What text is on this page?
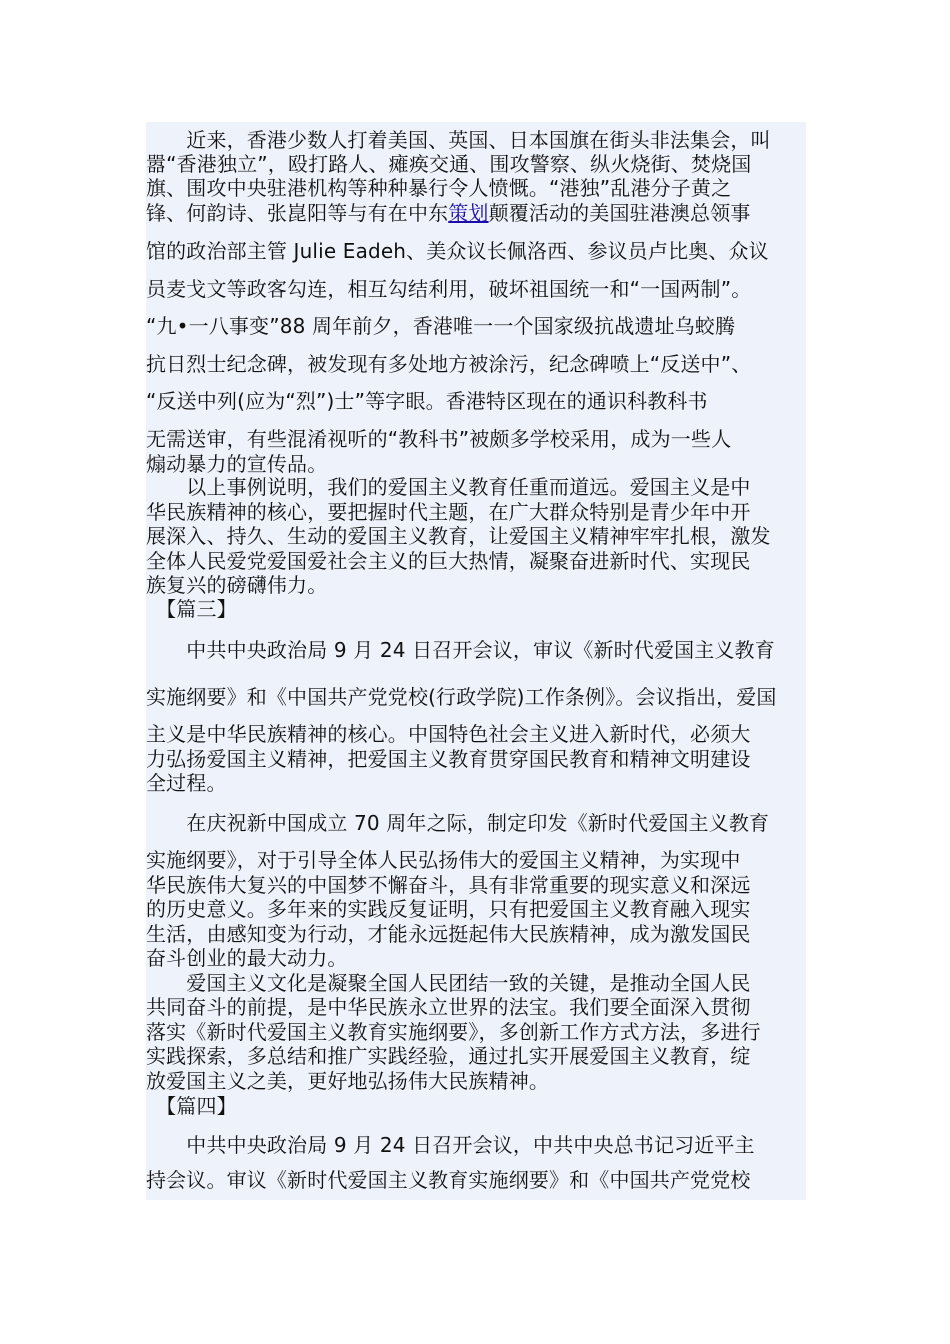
　　近来，香港少数人打着美国、英国、日本国旗在街头非法集会，叫
嚣“香港独立”，殴打路人、瘫痪交通、围攻警察、纵火烧街、焚烧国
旗、围攻中央驻港机构等种种暴行令人愤慨。“港独”乱港分子黄之
锋、何韵诗、张崑阳等与有在中东策划颠覆活动的美国驻港澳总领事
馆的政治部主管 Julie Eadeh、美众议长佩洛西、参议员卢比奥、众议
员麦戈文等政客勾连，相互勾结利用，破坏祖国统一和“一国两制”。
“九•一八事变”88 周年前夕，香港唯一一个国家级抗战遗址乌蛟腾
抗日烈士纪念碑，被发现有多处地方被涂污，纪念碑喷上“反送中”、
“反送中列(应为“烈”)士”等字眼。香港特区现在的通识科教科书
无需送审，有些混淆视听的“教科书”被颇多学校采用，成为一些人
煽动暴力的宣传品。
　　以上事例说明，我们的爱国主义教育任重而道远。爱国主义是中
华民族精神的核心，要把握时代主题，在广大群众特别是青少年中开
展深入、持久、生动的爱国主义教育，让爱国主义精神牢牢扎根，激发
全体人民爱党爱国爱社会主义的巨大热情，凝聚奋进新时代、实现民
族复兴的磅礴伟力。
　【篇三】
　　中共中央政治局 9 月 24 日召开会议，审议《新时代爱国主义教育
实施纲要》和《中国共产党党校(行政学院)工作条例》。会议指出，爱国
主义是中华民族精神的核心。中国特色社会主义进入新时代，必须大
力弘扬爱国主义精神，把爱国主义教育贯穿国民教育和精神文明建设
全过程。
　　在庆祝新中国成立 70 周年之际，制定印发《新时代爱国主义教育
实施纲要》，对于引导全体人民弘扬伟大的爱国主义精神，为实现中
华民族伟大复兴的中国梦不懈奋斗，具有非常重要的现实意义和深远
的历史意义。多年来的实践反复证明，只有把爱国主义教育融入现实
生活，由感知变为行动，才能永远挺起伟大民族精神，成为激发国民
奋斗创业的最大动力。
　　爱国主义文化是凝聚全国人民团结一致的关键，是推动全国人民
共同奋斗的前提，是中华民族永立世界的法宝。我们要全面深入贯彻
落实《新时代爱国主义教育实施纲要》，多创新工作方式方法，多进行
实践探索，多总结和推广实践经验，通过扎实开展爱国主义教育，绽
放爱国主义之美，更好地弘扬伟大民族精神。
　【篇四】
　　中共中央政治局 9 月 24 日召开会议，中共中央总书记习近平主
持会议。审议《新时代爱国主义教育实施纲要》和《中国共产党党校
